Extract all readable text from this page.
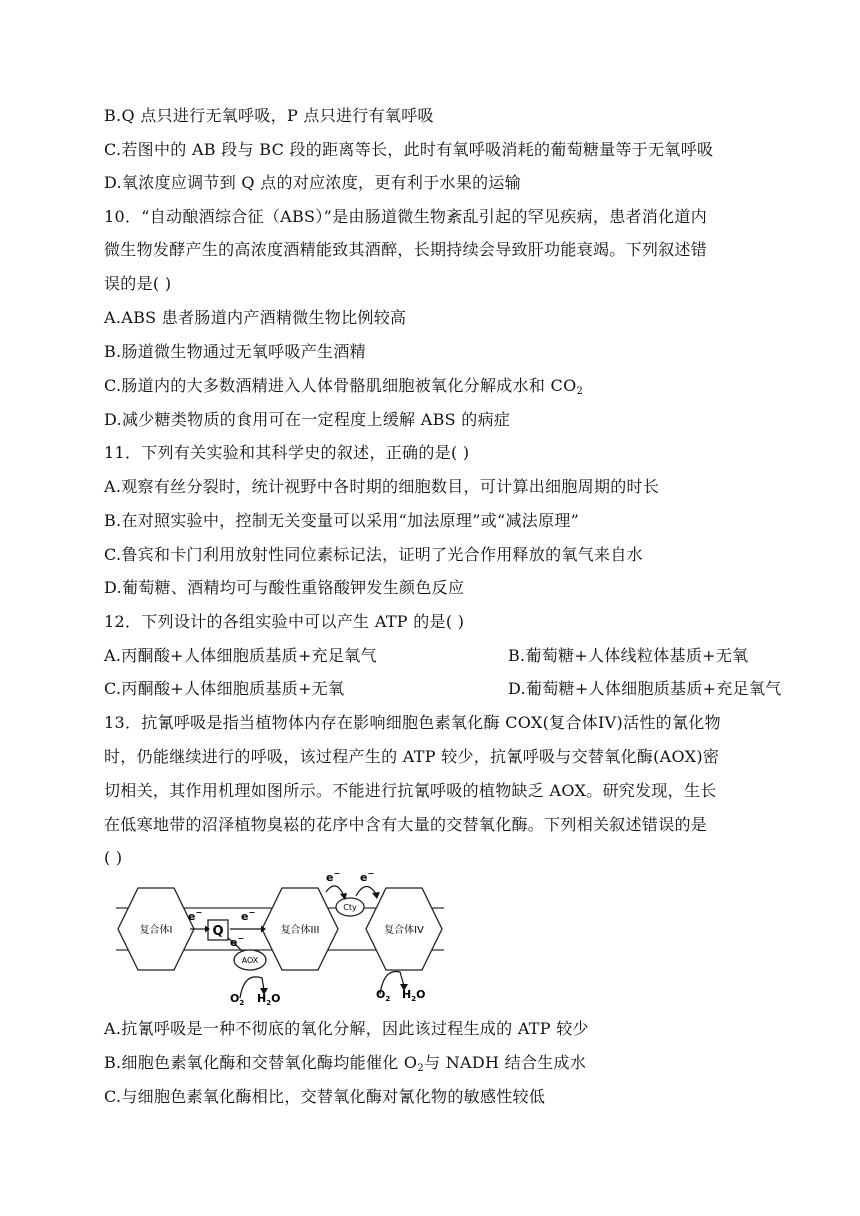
B.Q 点只进行无氧呼吸，P 点只进行有氧呼吸
C.若图中的 AB 段与 BC 段的距离等长，此时有氧呼吸消耗的葡萄糖量等于无氧呼吸
D.氧浓度应调节到 Q 点的对应浓度，更有利于水果的运输
10．“自动酿酒综合征（ABS）”是由肠道微生物紊乱引起的罕见疾病，患者消化道内
微生物发酵产生的高浓度酒精能致其酒醉，长期持续会导致肝功能衰竭。下列叙述错
误的是( )
A.ABS 患者肠道内产酒精微生物比例较高
B.肠道微生物通过无氧呼吸产生酒精
C.肠道内的大多数酒精进入人体骨骼肌细胞被氧化分解成水和 $CO_2$
D.减少糖类物质的食用可在一定程度上缓解 ABS 的病症
11．下列有关实验和其科学史的叙述，正确的是( )
A.观察有丝分裂时，统计视野中各时期的细胞数目，可计算出细胞周期的时长
B.在对照实验中，控制无关变量可以采用“加法原理”或“减法原理”
C.鲁宾和卡门利用放射性同位素标记法，证明了光合作用释放的氧气来自水
D.葡萄糖、酒精均可与酸性重铬酸钾发生颜色反应
12．下列设计的各组实验中可以产生 ATP 的是( )
A.丙酮酸+人体细胞质基质+充足氧气	B.葡萄糖+人体线粒体基质+无氧
C.丙酮酸+人体细胞质基质+无氧	D.葡萄糖+人体细胞质基质+充足氧气
13．抗氰呼吸是指当植物体内存在影响细胞色素氧化酶 COX(复合体IV)活性的氰化物
时，仍能继续进行的呼吸，该过程产生的 ATP 较少，抗氰呼吸与交替氧化酶(AOX)密
切相关，其作用机理如图所示。不能进行抗氰呼吸的植物缺乏 AOX。研究发现，生长
在低寒地带的沼泽植物臭崧的花序中含有大量的交替氧化酶。下列相关叙述错误的是
( )
复合体I	复合体III	复合体IV
Q
e−	e−
e−
AOX
$O_2$ $H_2O$
Cty
e− e−
$O_2$ $H_2O$
A.抗氰呼吸是一种不彻底的氧化分解，因此该过程生成的 ATP 较少
B.细胞色素氧化酶和交替氧化酶均能催化 $O_2$与 NADH 结合生成水
C.与细胞色素氧化酶相比，交替氧化酶对氰化物的敏感性较低
